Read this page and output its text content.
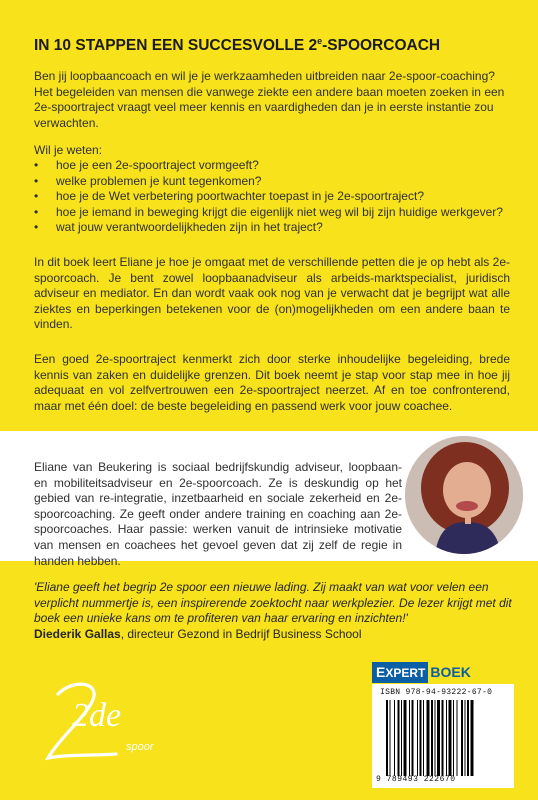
IN 10 STAPPEN EEN SUCCESVOLLE 2e-SPOORCOACH

Ben jij loopbaancoach en wil je je werkzaamheden uitbreiden naar 2e-spoor-coaching? Het begeleiden van mensen die vanwege ziekte een andere baan moeten zoeken in een 2e-spoortraject vraagt veel meer kennis en vaardigheden dan je in eerste instantie zou verwachten.

Wil je weten:

• hoe je een 2e-spoortraject vormgeeft?
• welke problemen je kunt tegenkomen?
• hoe je de Wet verbetering poortwachter toepast in je 2e-spoortraject?
• hoe je iemand in beweging krijgt die eigenlijk niet weg wil bij zijn huidige werkgever?
• wat jouw verantwoordelijkheden zijn in het traject?

In dit boek leert Eliane je hoe je omgaat met de verschillende petten die je op hebt als 2e-spoorcoach. Je bent zowel loopbaanadviseur als arbeids-marktspecialist, juridisch adviseur en mediator. En dan wordt vaak ook nog van je verwacht dat je begrijpt wat alle ziektes en beperkingen betekenen voor de (on)mogelijkheden om een andere baan te vinden.

Een goed 2e-spoortraject kenmerkt zich door sterke inhoudelijke begeleiding, brede kennis van zaken en duidelijke grenzen. Dit boek neemt je stap voor stap mee in hoe jij adequaat en vol zelfvertrouwen een 2e-spoortraject neerzet. Af en toe confronterend, maar met één doel: de beste begeleiding en passend werk voor jouw coachee.

Eliane van Beukering is sociaal bedrijfskundig adviseur, loopbaan- en mobiliteitsadviseur en 2e-spoorcoach. Ze is deskundig op het gebied van re-integratie, inzetbaarheid en sociale zekerheid en 2e-spoorcoaching. Ze geeft onder andere training en coaching aan 2e-spoorcoaches. Haar passie: werken vanuit de intrinsieke motivatie van mensen en coachees het gevoel geven dat zij zelf de regie in handen hebben.

'Eliane geeft het begrip 2e spoor een nieuwe lading. Zij maakt van wat voor velen een verplicht nummertje is, een inspirerende zoektocht naar werkplezier. De lezer krijgt met dit boek een unieke kans om te profiteren van haar ervaring en inzichten!'
Diederik Gallas, directeur Gezond in Bedrijf Business School

2de
spoor
EXPERT BOEK
ISBN 978-94-93222-67-0
9 789493 222670
